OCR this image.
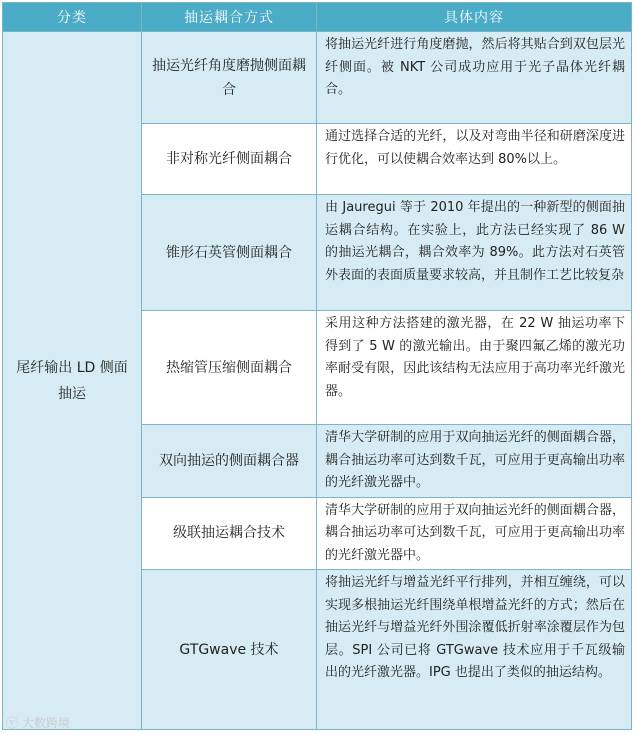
分类	抽运耦合方式	具体内容
尾纤输出 LD 侧面抽运	抽运光纤角度磨抛侧面耦合	将抽运光纤进行角度磨抛，然后将其贴合到双包层光纤侧面。被 NKT 公司成功应用于光子晶体光纤耦合。
	非对称光纤侧面耦合	通过选择合适的光纤，以及对弯曲半径和研磨深度进行优化，可以使耦合效率达到 80%以上。
	锥形石英管侧面耦合	由 Jauregui 等于 2010 年提出的一种新型的侧面抽运耦合结构。在实验上，此方法已经实现了 86 W 的抽运光耦合，耦合效率为 89%。此方法对石英管外表面的表面质量要求较高，并且制作工艺比较复杂
	热缩管压缩侧面耦合	采用这种方法搭建的激光器，在 22 W 抽运功率下得到了 5 W 的激光输出。由于聚四氟乙烯的激光功率耐受有限，因此该结构无法应用于高功率光纤激光器。
	双向抽运的侧面耦合器	清华大学研制的应用于双向抽运光纤的侧面耦合器，耦合抽运功率可达到数千瓦，可应用于更高输出功率的光纤激光器中。
	级联抽运耦合技术	清华大学研制的应用于双向抽运光纤的侧面耦合器，耦合抽运功率可达到数千瓦，可应用于更高输出功率的光纤激光器中。
	GTGwave 技术	将抽运光纤与增益光纤平行排列，并相互缠绕，可以实现多根抽运光纤围绕单根增益光纤的方式；然后在抽运光纤与增益光纤外围涂覆低折射率涂覆层作为包层。SPI 公司已将 GTGwave 技术应用于千瓦级输出的光纤激光器。IPG 也提出了类似的抽运结构。
ⓥ 大数跨境
